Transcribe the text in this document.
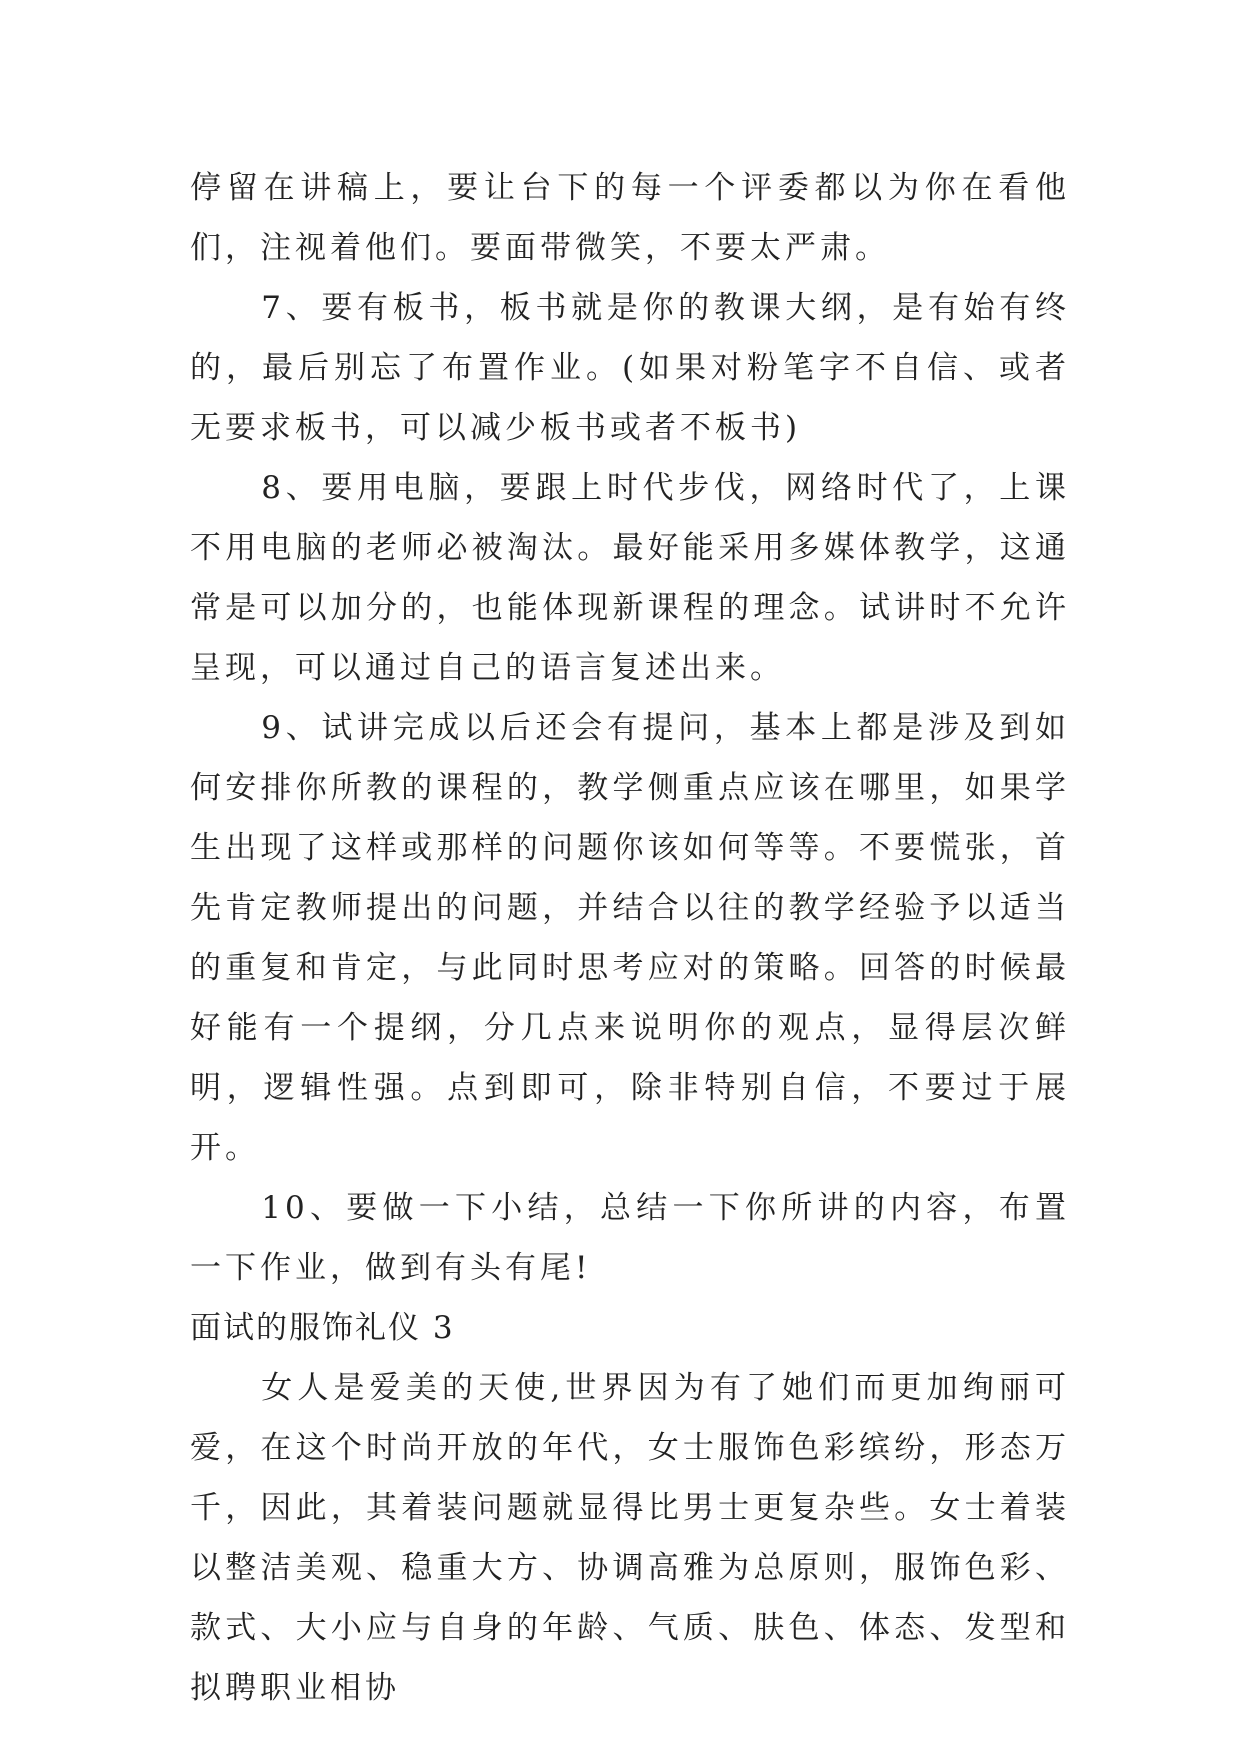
停留在讲稿上，要让台下的每一个评委都以为你在看他们，注视着他们。要面带微笑，不要太严肃。

7、要有板书，板书就是你的教课大纲，是有始有终的，最后别忘了布置作业。(如果对粉笔字不自信、或者无要求板书，可以减少板书或者不板书)

8、要用电脑，要跟上时代步伐，网络时代了，上课不用电脑的老师必被淘汰。最好能采用多媒体教学，这通常是可以加分的，也能体现新课程的理念。试讲时不允许呈现，可以通过自己的语言复述出来。

9、试讲完成以后还会有提问，基本上都是涉及到如何安排你所教的课程的，教学侧重点应该在哪里，如果学生出现了这样或那样的问题你该如何等等。不要慌张，首先肯定教师提出的问题，并结合以往的教学经验予以适当的重复和肯定，与此同时思考应对的策略。回答的时候最好能有一个提纲，分几点来说明你的观点，显得层次鲜明，逻辑性强。点到即可，除非特别自信，不要过于展开。

10、要做一下小结，总结一下你所讲的内容，布置一下作业，做到有头有尾!

面试的服饰礼仪 3

女人是爱美的天使,世界因为有了她们而更加绚丽可爱，在这个时尚开放的年代，女士服饰色彩缤纷，形态万千，因此，其着装问题就显得比男士更复杂些。女士着装以整洁美观、稳重大方、协调高雅为总原则，服饰色彩、款式、大小应与自身的年龄、气质、肤色、体态、发型和拟聘职业相协
